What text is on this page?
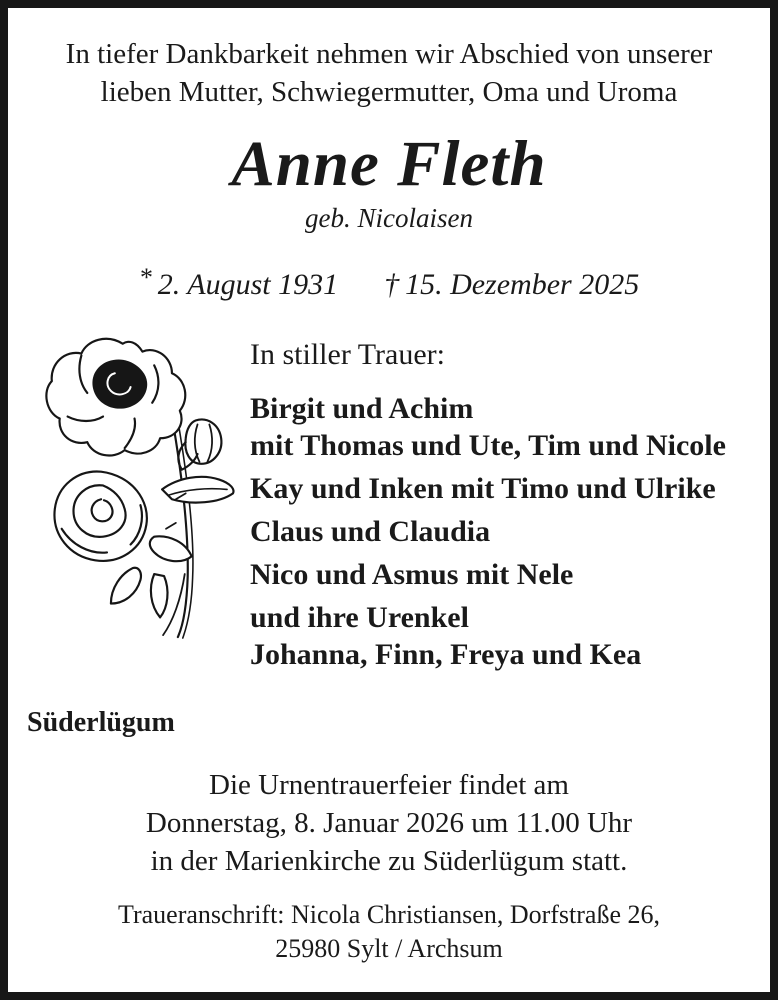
In tiefer Dankbarkeit nehmen wir Abschied von unserer
lieben Mutter, Schwiegermutter, Oma und Uroma
Anne Fleth
geb. Nicolaisen
* 2. August 1931 † 15. Dezember 2025
In stiller Trauer:
Birgit und Achim
mit Thomas und Ute, Tim und Nicole
Kay und Inken mit Timo und Ulrike
Claus und Claudia
Nico und Asmus mit Nele
und ihre Urenkel
Johanna, Finn, Freya und Kea
Süderlügum
Die Urnentrauerfeier findet am
Donnerstag, 8. Januar 2026 um 11.00 Uhr
in der Marienkirche zu Süderlügum statt.
Traueranschrift: Nicola Christiansen, Dorfstraße 26,
25980 Sylt / Archsum
